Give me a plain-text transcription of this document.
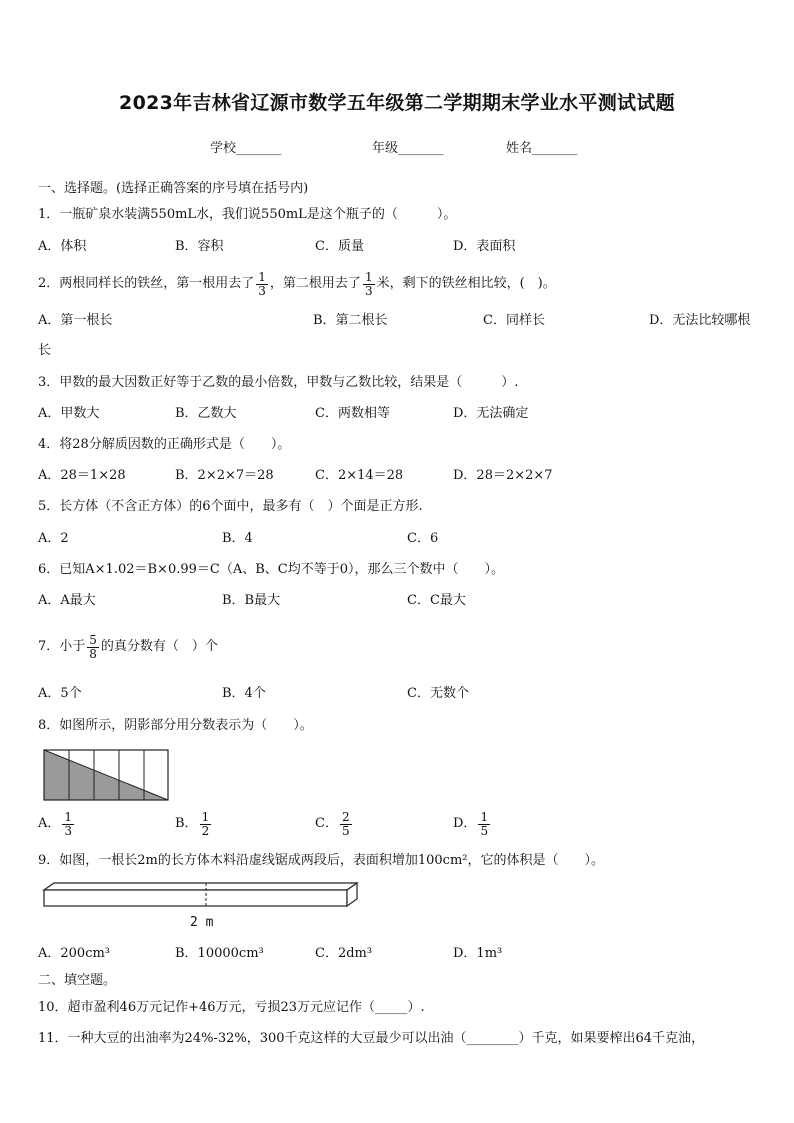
2023年吉林省辽源市数学五年级第二学期期末学业水平测试试题
学校_______	年级_______	姓名_______
一、选择题。(选择正确答案的序号填在括号内)
1．一瓶矿泉水装满550mL水，我们说550mL是这个瓶子的（　　　）。
A．体积	B．容积	C．质量	D．表面积
2．两根同样长的铁丝，第一根用去了 $\frac{1}{3}$ ，第二根用去了 $\frac{1}{3}$ 米，剩下的铁丝相比较，(　)。
A．第一根长	B．第二根长	C．同样长	D．无法比较哪根
长
3．甲数的最大因数正好等于乙数的最小倍数，甲数与乙数比较，结果是（　　　）.
A．甲数大	B．乙数大	C．两数相等	D．无法确定
4．将28分解质因数的正确形式是（　　）。
A．28＝1×28	B．2×2×7＝28	C．2×14＝28	D．28＝2×2×7
5．长方体（不含正方体）的6个面中，最多有（　）个面是正方形.
A．2	B．4	C．6
6．已知A×1.02＝B×0.99＝C（A、B、C均不等于0），那么三个数中（　　）。
A．A最大	B．B最大	C．C最大
7．小于 $\frac{5}{8}$ 的真分数有（　）个
A．5个	B．4个	C．无数个
8．如图所示，阴影部分用分数表示为（　　）。
A． $\frac{1}{3}$	B． $\frac{1}{2}$	C． $\frac{2}{5}$	D． $\frac{1}{5}$
9．如图，一根长2m的长方体木料沿虚线锯成两段后，表面积增加100cm²，它的体积是（　　）。
2 m
A．200cm³	B．10000cm³	C．2dm³	D．1m³
二、填空题。
10．超市盈利46万元记作+46万元，亏损23万元应记作（_____）.
11．一种大豆的出油率为24%-32%，300千克这样的大豆最少可以出油（________）千克，如果要榨出64千克油，
